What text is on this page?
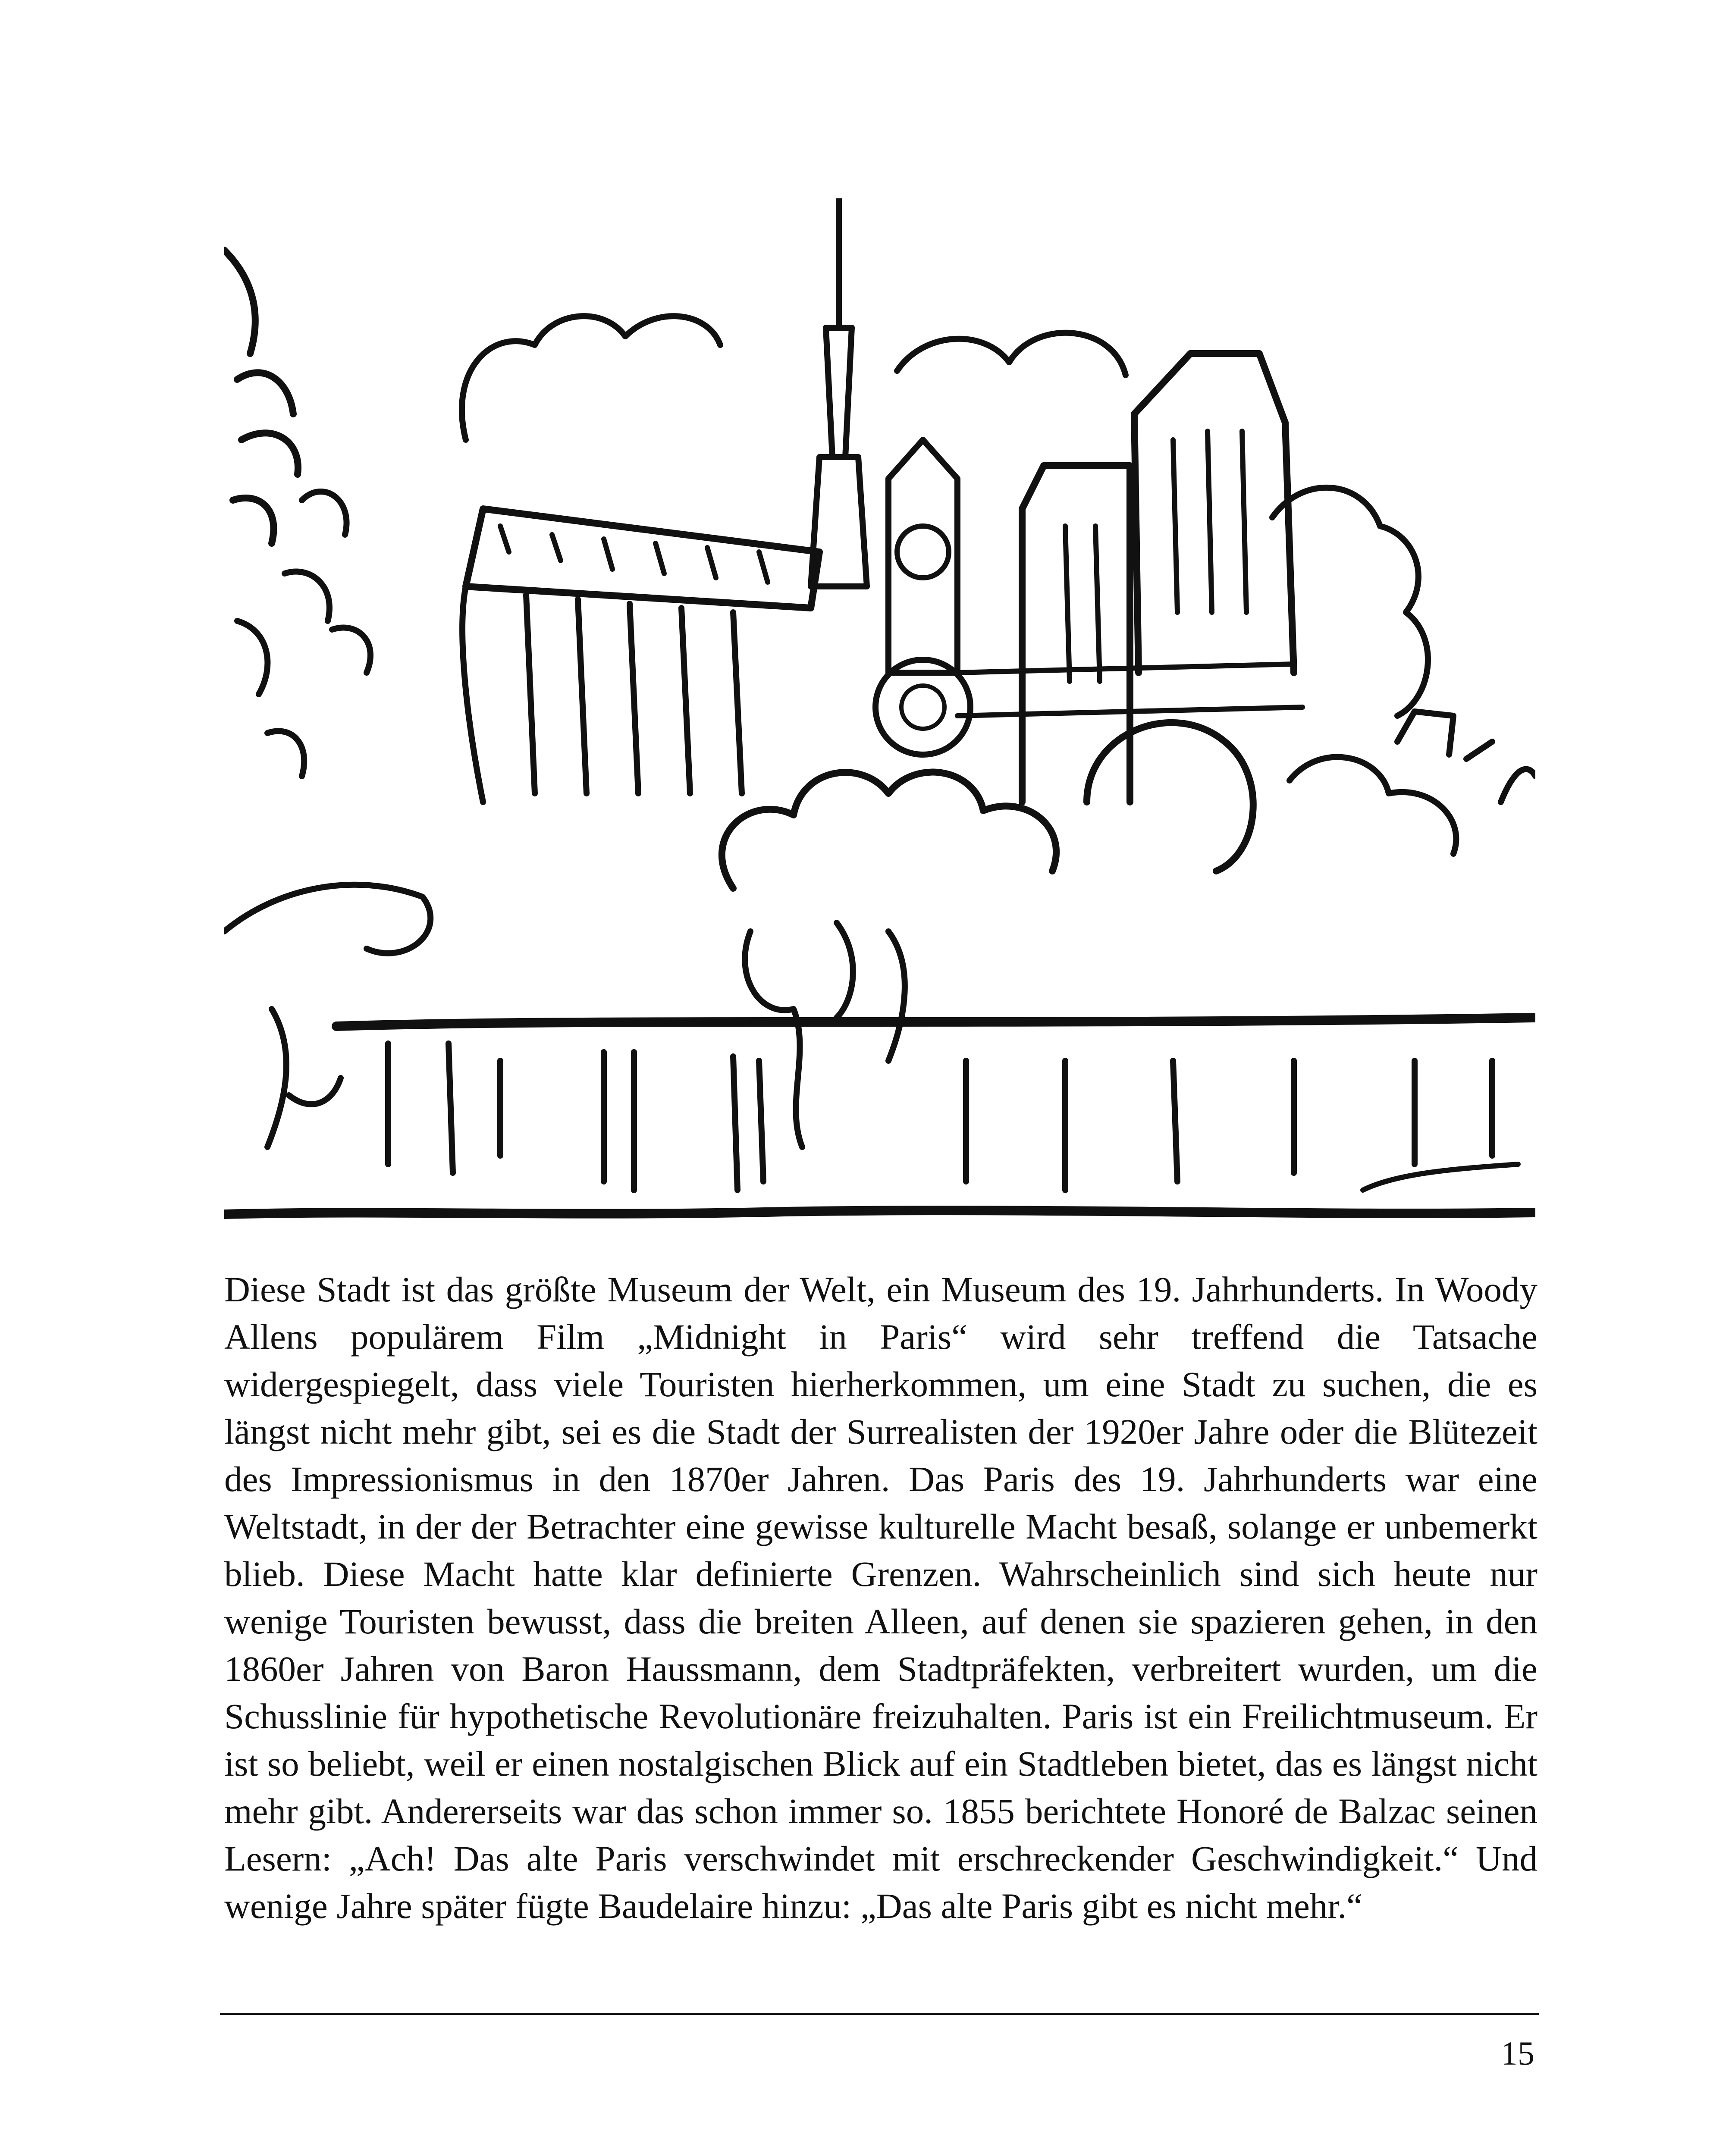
Diese Stadt ist das größte Museum der Welt, ein Museum des 19. Jahrhunderts. In Woody Allens populärem Film „Midnight in Paris“ wird sehr treffend die Tatsache widergespiegelt, dass viele Touristen hierherkommen, um eine Stadt zu suchen, die es längst nicht mehr gibt, sei es die Stadt der Surrealisten der 1920er Jahre oder die Blütezeit des Impressionismus in den 1870er Jahren. Das Paris des 19. Jahrhunderts war eine Weltstadt, in der der Betrachter eine gewisse kulturelle Macht besaß, solange er unbemerkt blieb. Diese Macht hatte klar definierte Grenzen. Wahrscheinlich sind sich heute nur wenige Touristen bewusst, dass die breiten Alleen, auf denen sie spazieren gehen, in den 1860er Jahren von Baron Haussmann, dem Stadtpräfekten, verbreitert wurden, um die Schusslinie für hypothetische Revolutionäre freizuhalten. Paris ist ein Freilichtmuseum. Er ist so beliebt, weil er einen nostalgischen Blick auf ein Stadtleben bietet, das es längst nicht mehr gibt. Andererseits war das schon immer so. 1855 berichtete Honoré de Balzac seinen Lesern: „Ach! Das alte Paris verschwindet mit erschreckender Geschwindigkeit.“ Und wenige Jahre später fügte Baudelaire hinzu: „Das alte Paris gibt es nicht mehr.“

15
